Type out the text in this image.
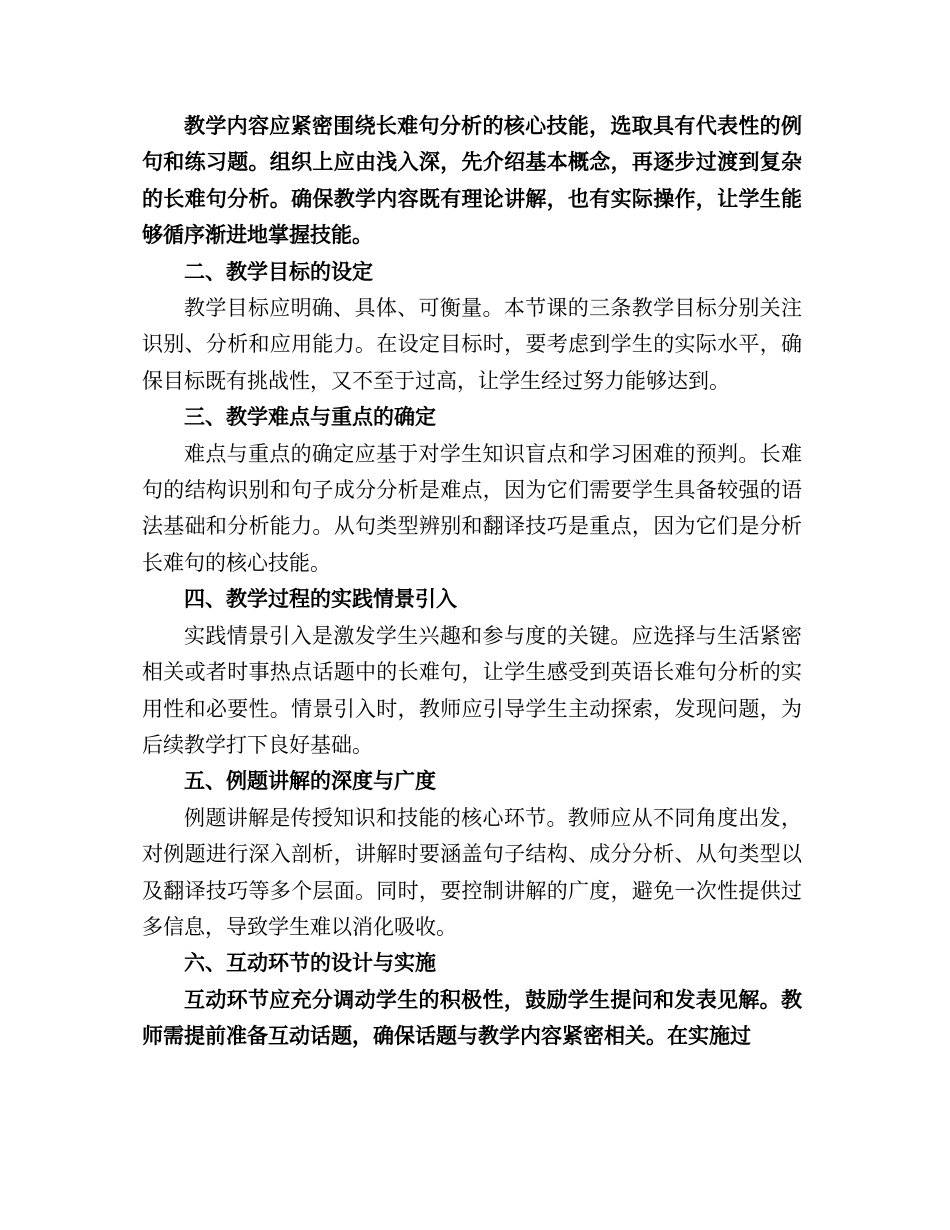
教学内容应紧密围绕长难句分析的核心技能，选取具有代表性的例句和练习题。组织上应由浅入深，先介绍基本概念，再逐步过渡到复杂的长难句分析。确保教学内容既有理论讲解，也有实际操作，让学生能够循序渐进地掌握技能。

二、教学目标的设定

教学目标应明确、具体、可衡量。本节课的三条教学目标分别关注识别、分析和应用能力。在设定目标时，要考虑到学生的实际水平，确保目标既有挑战性，又不至于过高，让学生经过努力能够达到。

三、教学难点与重点的确定

难点与重点的确定应基于对学生知识盲点和学习困难的预判。长难句的结构识别和句子成分分析是难点，因为它们需要学生具备较强的语法基础和分析能力。从句类型辨别和翻译技巧是重点，因为它们是分析长难句的核心技能。

四、教学过程的实践情景引入

实践情景引入是激发学生兴趣和参与度的关键。应选择与生活紧密相关或者时事热点话题中的长难句，让学生感受到英语长难句分析的实用性和必要性。情景引入时，教师应引导学生主动探索，发现问题，为后续教学打下良好基础。

五、例题讲解的深度与广度

例题讲解是传授知识和技能的核心环节。教师应从不同角度出发，对例题进行深入剖析，讲解时要涵盖句子结构、成分分析、从句类型以及翻译技巧等多个层面。同时，要控制讲解的广度，避免一次性提供过多信息，导致学生难以消化吸收。

六、互动环节的设计与实施

互动环节应充分调动学生的积极性，鼓励学生提问和发表见解。教师需提前准备互动话题，确保话题与教学内容紧密相关。在实施过
